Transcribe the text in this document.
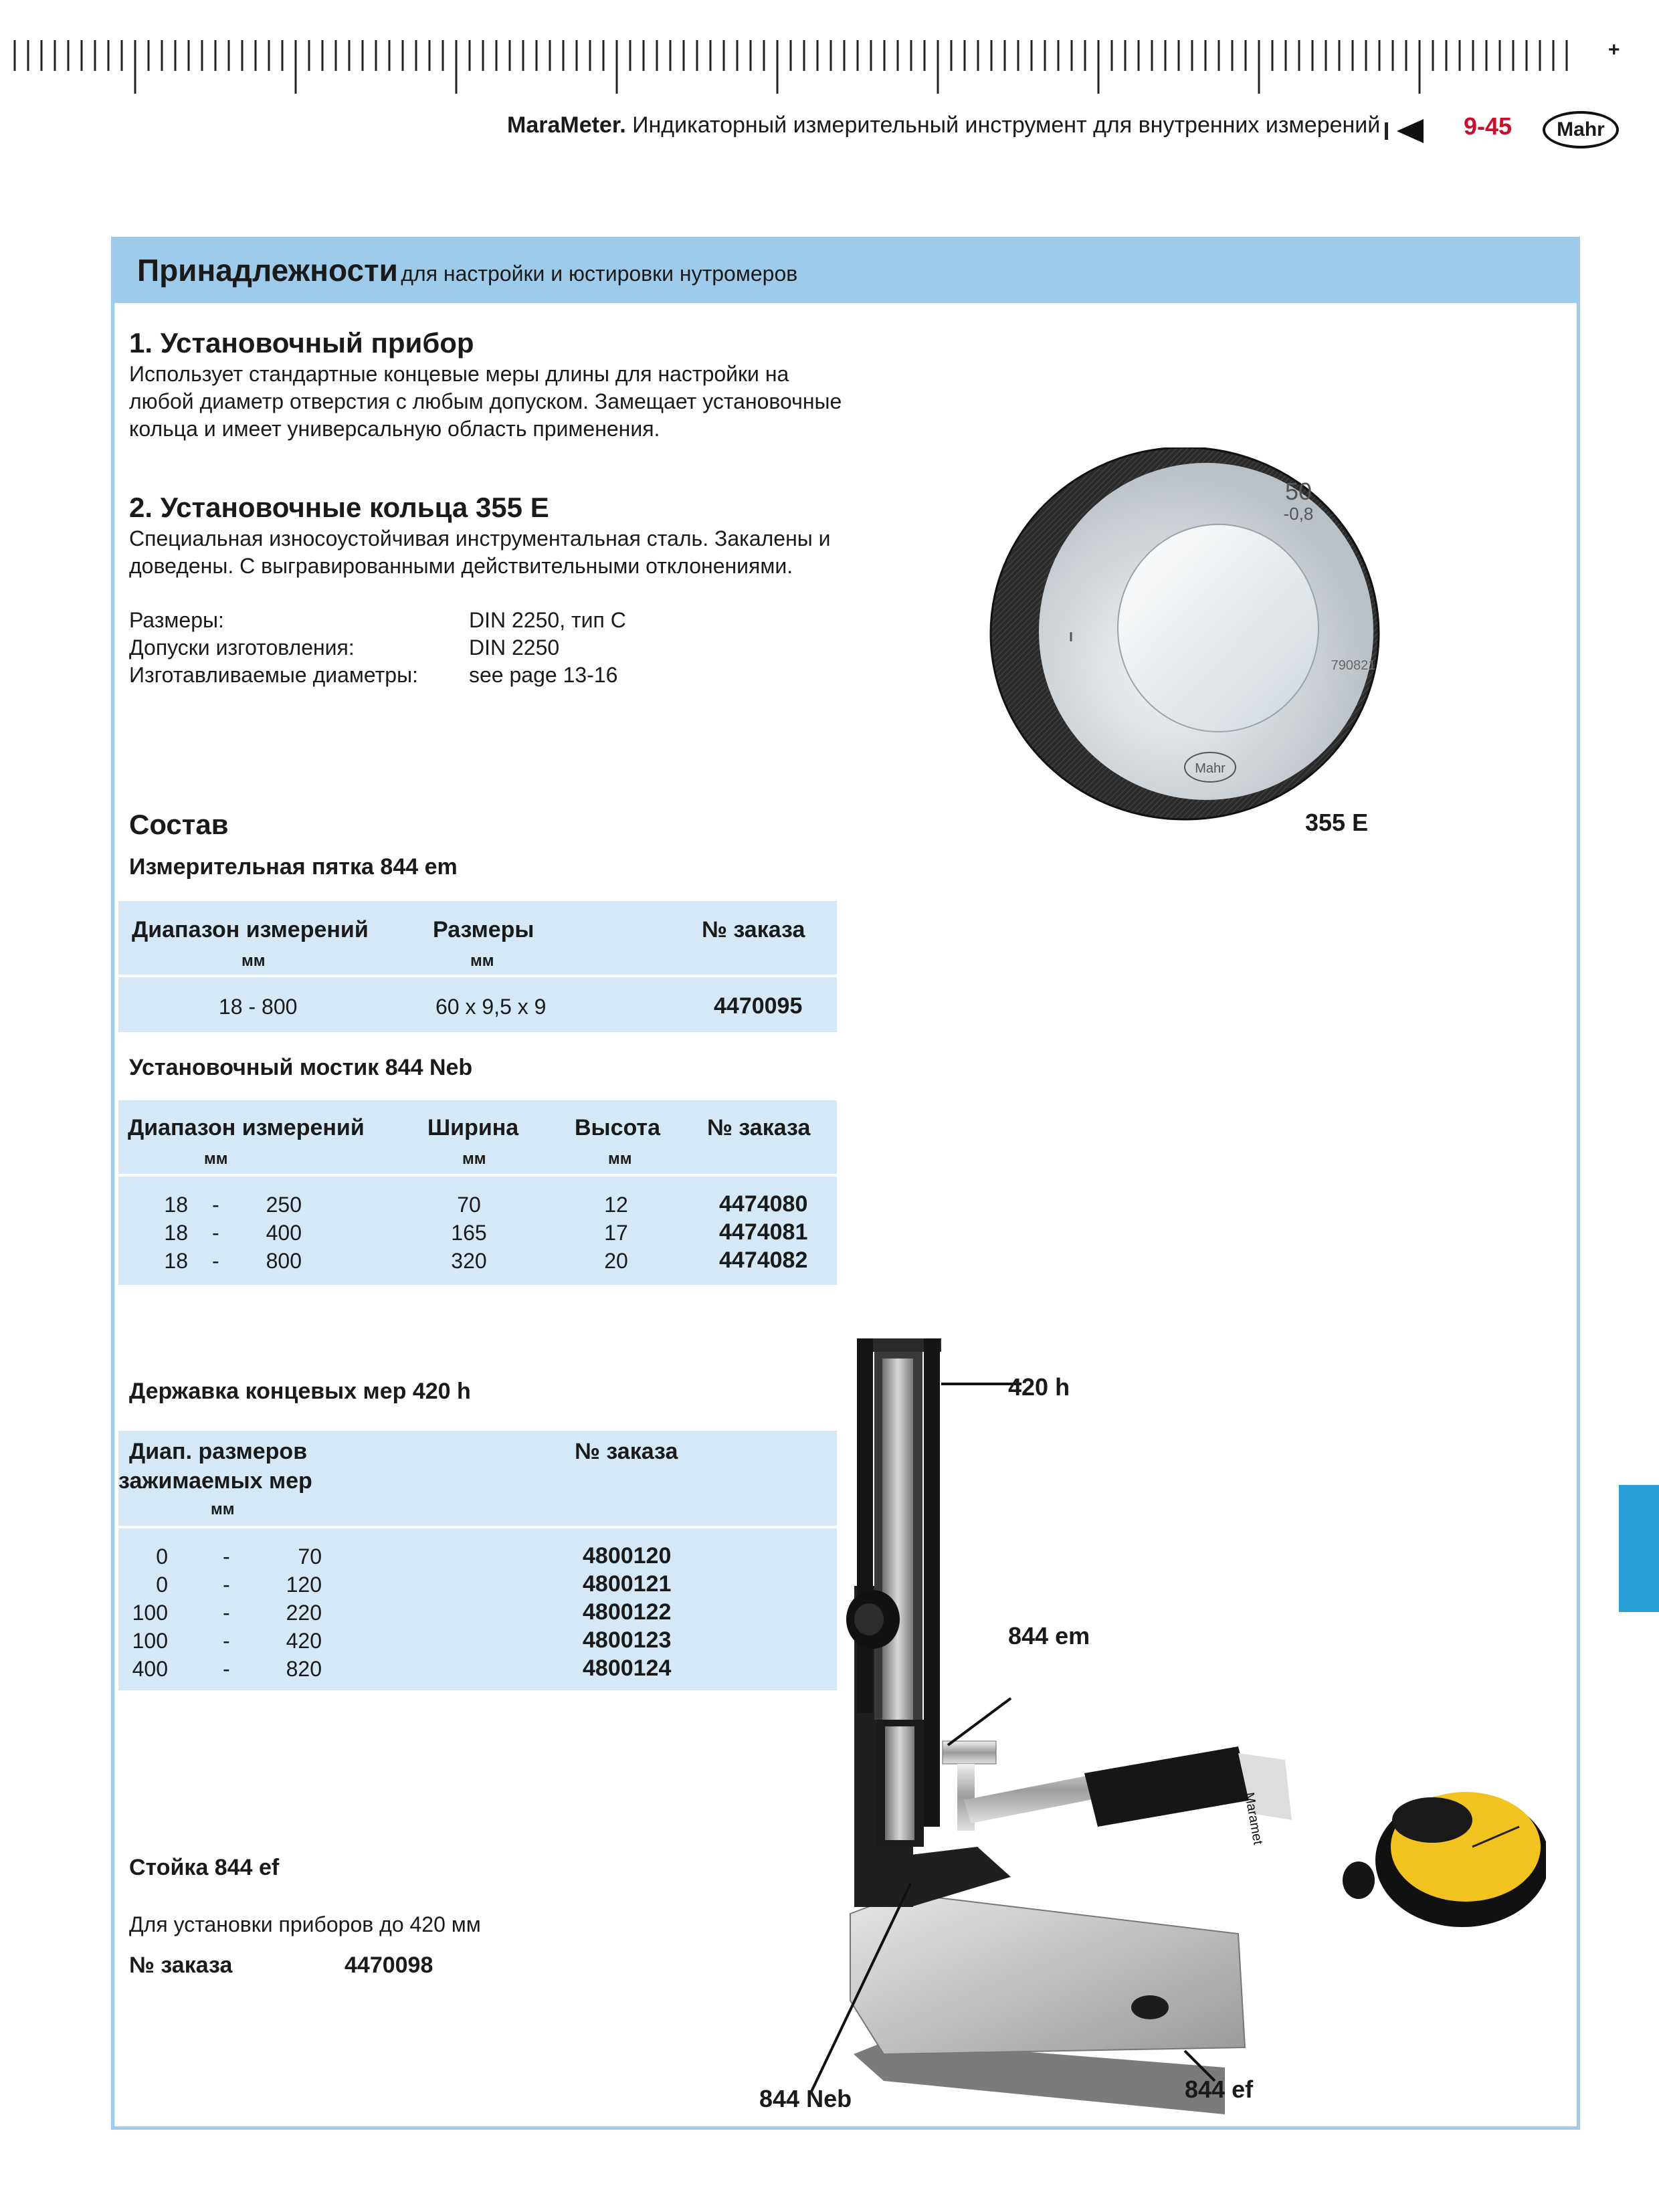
+
MaraMeter. Индикаторный измерительный инструмент для внутренних измерений	9-45 Mahr
Принадлежности для настройки и юстировки нутромеров
1. Установочный прибор
Использует стандартные концевые меры длины для настройки на
любой диаметр отверстия с любым допуском. Замещает установочные
кольца и имеет универсальную область применения.
2. Установочные кольца 355 E
Специальная износоустойчивая инструментальная сталь. Закалены и
доведены. С выгравированными действительными отклонениями.
Размеры:	DIN 2250, тип C
Допуски изготовления:	DIN 2250
Изготавливаемые диаметры: see page 13-16
50
-0,8
790821
Mahr
355 E
Состав
Измерительная пятка 844 em
Диапазон измерений	Размеры	№ заказа
мм	мм
18 - 800	60 x 9,5 x 9	4470095
Установочный мостик 844 Neb
Диапазон измерений	Ширина Высота № заказа
мм	мм	мм
18 -	250	70	12	4474080
18 -	400	165	17	4474081
18 -	800	320	20	4474082
Державка концевых мер 420 h
Диап. размеров
зажимаемых мер
№ заказа
мм
0	-	70	4800120
0	-	120	4800121
100	-	220	4800122
100	-	420	4800123
400	-	820	4800124
Стойка 844 ef
Для установки приборов до 420 мм
№ заказа	4470098
Maramet
420 h
844 em
844 Neb	844 ef
